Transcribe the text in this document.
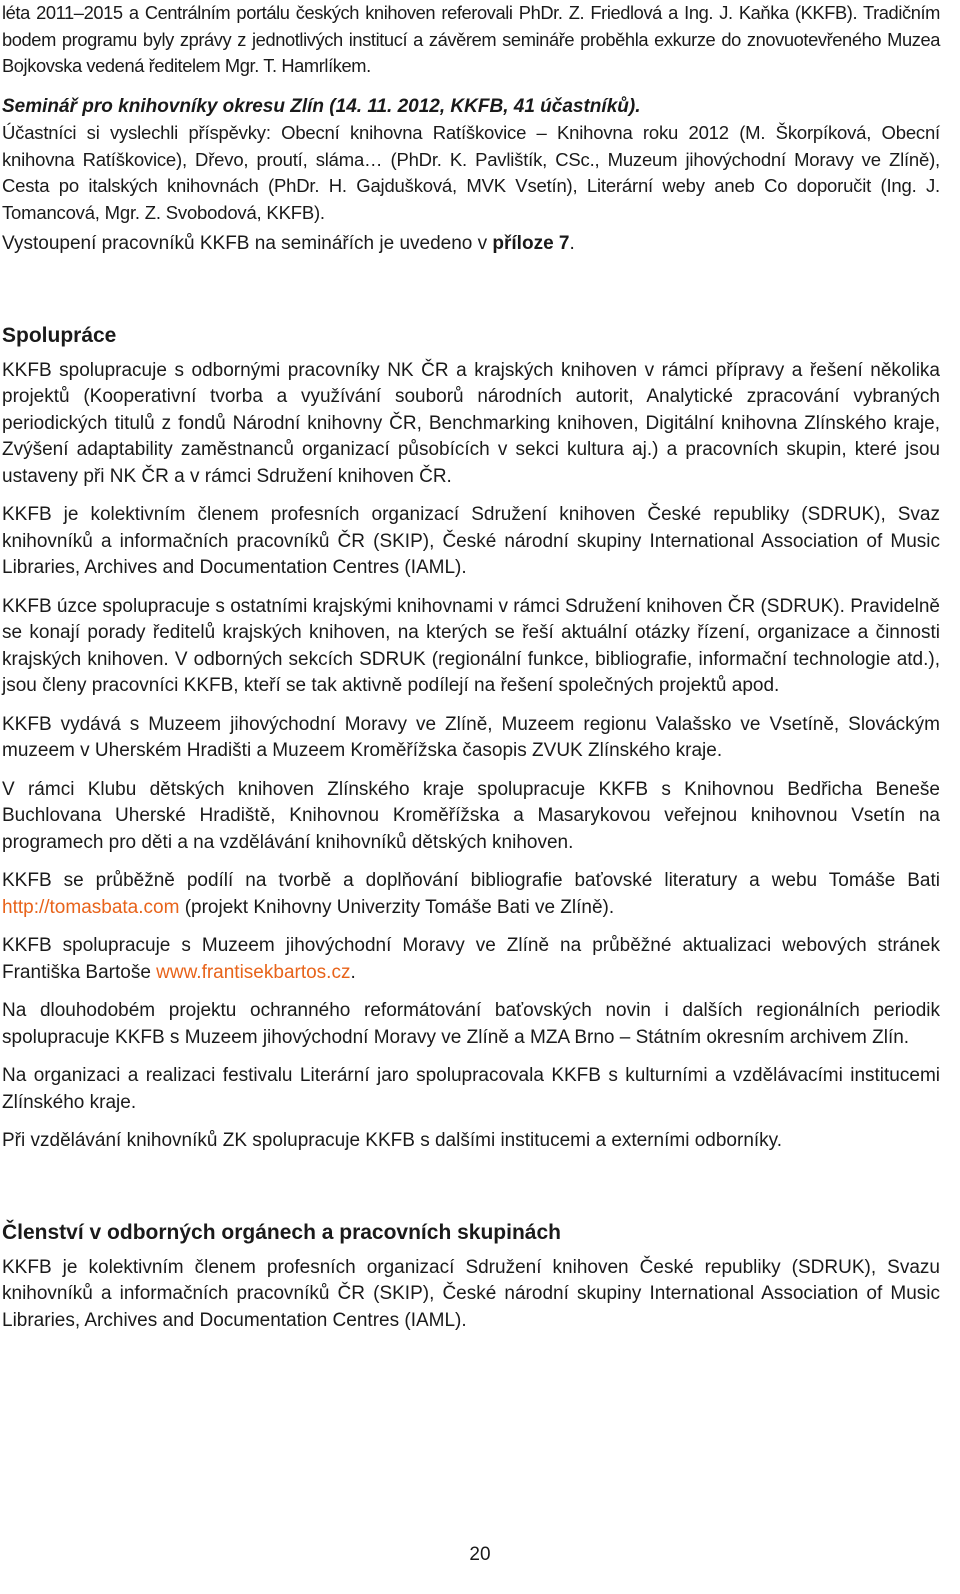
léta 2011–2015 a Centrálním portálu českých knihoven referovali PhDr. Z. Friedlová a Ing. J. Kaňka (KKFB). Tradičním bodem programu byly zprávy z jednotlivých institucí a závěrem semináře proběhla exkurze do znovuotevřeného Muzea Bojkovska vedená ředitelem Mgr. T. Hamrlíkem.

Seminář pro knihovníky okresu Zlín (14. 11. 2012, KKFB, 41 účastníků).

Účastníci si vyslechli příspěvky: Obecní knihovna Ratíškovice – Knihovna roku 2012 (M. Škorpíková, Obecní knihovna Ratíškovice), Dřevo, proutí, sláma… (PhDr. K. Pavlištík, CSc., Muzeum jihovýchodní Moravy ve Zlíně), Cesta po italských knihovnách (PhDr. H. Gajdušková, MVK Vsetín), Literární weby aneb Co doporučit (Ing. J. Tomancová, Mgr. Z. Svobodová, KKFB).

Vystoupení pracovníků KKFB na seminářích je uvedeno v příloze 7.

Spolupráce

KKFB spolupracuje s odbornými pracovníky NK ČR a krajských knihoven v rámci přípravy a řešení několika projektů (Kooperativní tvorba a využívání souborů národních autorit, Analytické zpracování vybraných periodických titulů z fondů Národní knihovny ČR, Benchmarking knihoven, Digitální knihovna Zlínského kraje, Zvýšení adaptability zaměstnanců organizací působících v sekci kultura aj.) a pracovních skupin, které jsou ustaveny při NK ČR a v rámci Sdružení knihoven ČR.

KKFB je kolektivním členem profesních organizací Sdružení knihoven České republiky (SDRUK), Svaz knihovníků a informačních pracovníků ČR (SKIP), České národní skupiny International Association of Music Libraries, Archives and Documentation Centres (IAML).

KKFB úzce spolupracuje s ostatními krajskými knihovnami v rámci Sdružení knihoven ČR (SDRUK). Pravidelně se konají porady ředitelů krajských knihoven, na kterých se řeší aktuální otázky řízení, organizace a činnosti krajských knihoven. V odborných sekcích SDRUK (regionální funkce, bibliografie, informační technologie atd.), jsou členy pracovníci KKFB, kteří se tak aktivně podílejí na řešení společných projektů apod.

KKFB vydává s Muzeem jihovýchodní Moravy ve Zlíně, Muzeem regionu Valašsko ve Vsetíně, Slováckým muzeem v Uherském Hradišti a Muzeem Kroměřížska časopis ZVUK Zlínského kraje.

V rámci Klubu dětských knihoven Zlínského kraje spolupracuje KKFB s Knihovnou Bedřicha Beneše Buchlovana Uherské Hradiště, Knihovnou Kroměřížska a Masarykovou veřejnou knihovnou Vsetín na programech pro děti a na vzdělávání knihovníků dětských knihoven.

KKFB se průběžně podílí na tvorbě a doplňování bibliografie baťovské literatury a webu Tomáše Bati http://tomasbata.com (projekt Knihovny Univerzity Tomáše Bati ve Zlíně).

KKFB spolupracuje s Muzeem jihovýchodní Moravy ve Zlíně na průběžné aktualizaci webových stránek Františka Bartoše www.frantisekbartos.cz.

Na dlouhodobém projektu ochranného reformátování baťovských novin i dalších regionálních periodik spolupracuje KKFB s Muzeem jihovýchodní Moravy ve Zlíně a MZA Brno – Státním okresním archivem Zlín.

Na organizaci a realizaci festivalu Literární jaro spolupracovala KKFB s kulturními a vzdělávacími institucemi Zlínského kraje.

Při vzdělávání knihovníků ZK spolupracuje KKFB s dalšími institucemi a externími odborníky.

Členství v odborných orgánech a pracovních skupinách

KKFB je kolektivním členem profesních organizací Sdružení knihoven České republiky (SDRUK), Svazu knihovníků a informačních pracovníků ČR (SKIP), České národní skupiny International Association of Music Libraries, Archives and Documentation Centres (IAML).

20
